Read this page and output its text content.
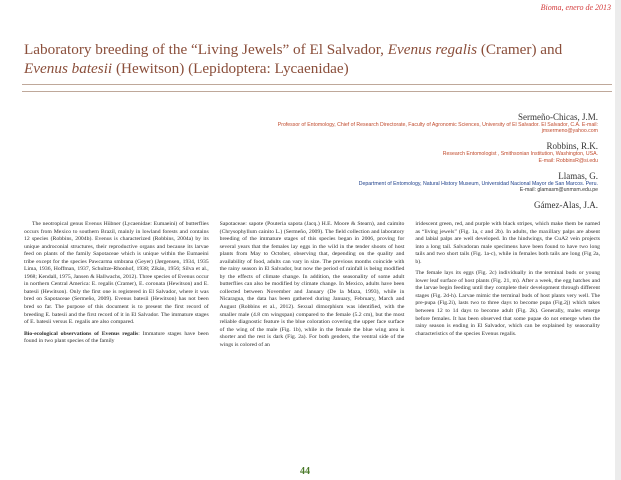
Bioma, enero de 2013
Laboratory breeding of the “Living Jewels” of El Salvador, Evenus regalis (Cramer) and Evenus batesii (Hewitson) (Lepidoptera: Lycaenidae)
Sermeño-Chicas, J.M.
Professor of Entomology, Chief of Research Directorate, Faculty of Agronomic Sciences, University of El Salvador. El Salvador, C.A. E-mail:
jmsermeno@yahoo.com
Robbins, R.K.
Research Entomologist , Smithsonian Institution, Washington, USA.
E-mail: RobbinsR@si.edu
Llamas, G.
Department of Entomology, Natural History Museum, Universidad Nacional Mayor de San Marcos. Peru.
E-mail: glamasm@unmsm.edu.pe
Gámez-Alas, J.A.

The neotropical genus Evenus Hübner (Lycaenidae: Eumaeini) of butterflies occurs from Mexico to southern Brazil, mainly in lowland forests and contains 12 species (Robbins, 2004b). Evenus is characterized (Robbins, 2004a) by its unique androconial structures, their reproductive organs and because its larvae feed on plants of the family Sapotaceae which is unique within the Eumaeini tribe except for the species Pawcarma smbrana (Geyer) (Jørgensen, 1934, 1935 Lima, 1936, Hoffman, 1937, Schultze-Rhonhof, 1938; Zíkán, 1956; Silva et al., 1968; Kendall, 1975, Jansen & Hallwachs, 2012). Three species of Evenus occur in northern Central America: E. regalis (Cramer), E. coronata (Hewitson) and E. batesii (Hewitson). Only the first one is registered in El Salvador, where it was bred on Sapotaceae (Sermeño, 2009). Evenus batesii (Hewitson) has not been bred so far. The purpose of this document is to present the first record of breeding E. batesii and the first record of it in El Salvador. The immature stages of E. batesii versus E. regalis are also compared.

Bio-ecological observations of Evenus regalis: Immature stages have been found in two plant species of the family

Sapotaceae: sapote (Pouteria sapota (Jacq.) H.E. Moore & Stearn), and caimito (Chrysophyllum cainito L.) (Sermeño, 2009). The field collection and laboratory breeding of the immature stages of this species began in 2006, proving for several years that the females lay eggs in the wild in the tender shoots of host plants from May to October, observing that, depending on the quality and availability of food, adults can vary in size. The previous months coincide with the rainy season in El Salvador, but now the period of rainfall is being modified by the effects of climate change. In addition, the seasonality of some adult butterflies can also be modified by climate change. In Mexico, adults have been collected between November and January (De la Maza, 1993), while in Nicaragua, the data has been gathered during January, February, March and August (Robbins et al., 2012). Sexual dimorphism was identified, with the smaller male (4.8 cm wingspan) compared to the female (5.2 cm), but the most reliable diagnostic feature is the blue coloration covering the upper face surface of the wing of the male (Fig. 1b), while in the female the blue wing area is shorter and the rest is dark (Fig. 2a). For both genders, the ventral side of the wings is colored of an

iridescent green, red, and purple with black stripes, which make them be named as “living jewels” (Fig. 1a, c and 2b). In adults, the maxillary palps are absent and labial palps are well developed. In the hindwings, the CuA2 vein projects into a long tail. Salvadoran male specimens have been found to have two long tails and two short tails (Fig. 1a-c), while in females both tails are long (Fig 2a, b).

The female lays its eggs (Fig. 2c) individually in the terminal buds or young lower leaf surface of host plants (Fig. 21, m). After a week, the egg hatches and the larvae begin feeding until they complete their development through different stages (Fig. 2d-h). Larvae mimic the terminal buds of host plants very well. The pre-pupa (Fig.2i), lasts two to three days to become pupa (Fig.2j) which takes between 12 to 14 days to become adult (Fig. 2k). Generally, males emerge before females. It has been observed that some pupae do not emerge when the rainy season is ending in El Salvador, which can be explained by seasonality characteristics of the species Evenus regalis.

44
